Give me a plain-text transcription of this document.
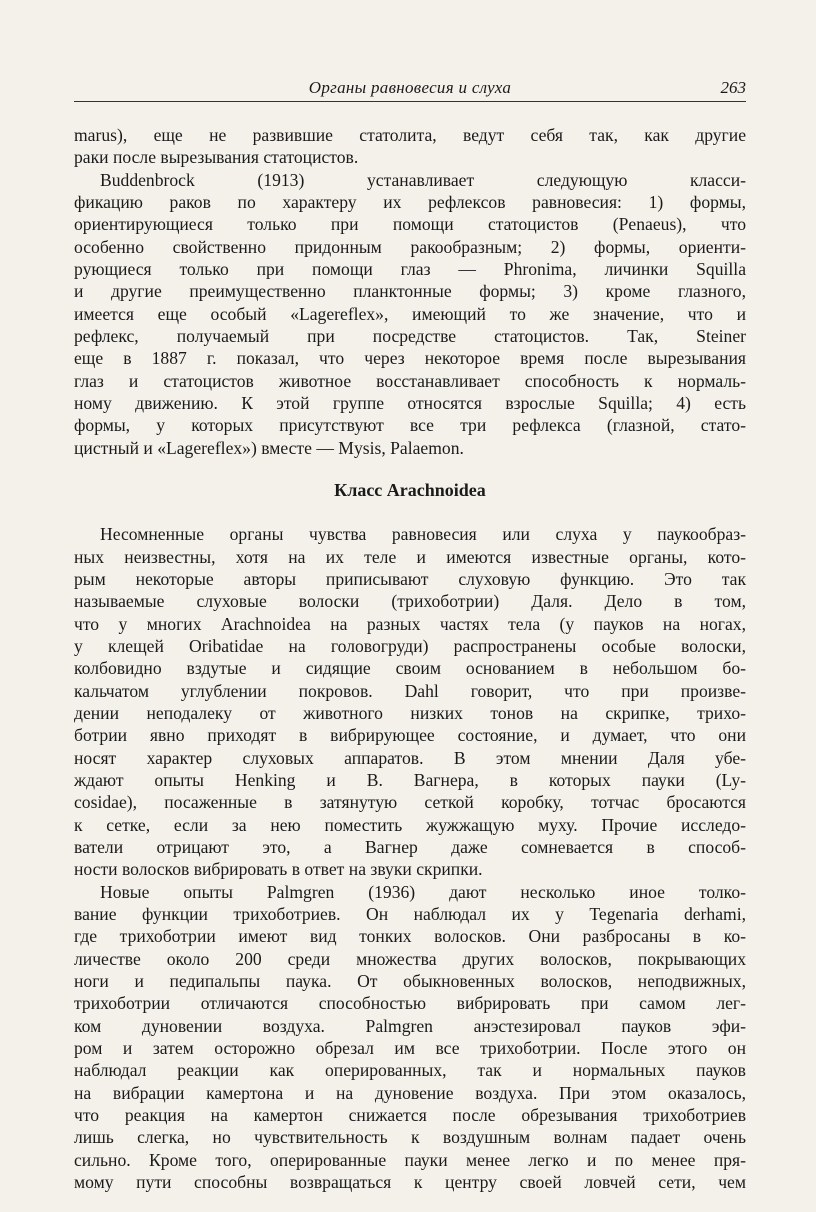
Органы равновесия и слуха	263
marus), еще не развившие статолита, ведут себя так, как другие
раки после вырезывания статоцистов.
Buddenbrock (1913) устанавливает следующую класси-
фикацию раков по характеру их рефлексов равновесия: 1) формы,
ориентирующиеся только при помощи статоцистов (Penaeus), что
особенно свойственно придонным ракообразным; 2) формы, ориенти-
рующиеся только при помощи глаз — Phronima, личинки Squilla
и другие преимущественно планктонные формы; 3) кроме глазного,
имеется еще особый «Lagereflex», имеющий то же значение, что и
рефлекс, получаемый при посредстве статоцистов. Так, Steiner
еще в 1887 г. показал, что через некоторое время после вырезывания
глаз и статоцистов животное восстанавливает способность к нормаль-
ному движению. К этой группе относятся взрослые Squilla; 4) есть
формы, у которых присутствуют все три рефлекса (глазной, стато-
цистный и «Lagereflex») вместе — Mysis, Palaemon.
Класс Arachnoidea
Несомненные органы чувства равновесия или слуха у паукообраз-
ных неизвестны, хотя на их теле и имеются известные органы, кото-
рым некоторые авторы приписывают слуховую функцию. Это так
называемые слуховые волоски (трихоботрии) Даля. Дело в том,
что у многих Arachnoidea на разных частях тела (у пауков на ногах,
у клещей Oribatidae на головогруди) распространены особые волоски,
колбовидно вздутые и сидящие своим основанием в небольшом бо-
кальчатом углублении покровов. Dahl говорит, что при произве-
дении неподалеку от животного низких тонов на скрипке, трихо-
ботрии явно приходят в вибрирующее состояние, и думает, что они
носят характер слуховых аппаратов. В этом мнении Даля убе-
ждают опыты Henking и В. Вагнера, в которых пауки (Ly-
cosidae), посаженные в затянутую сеткой коробку, тотчас бросаются
к сетке, если за нею поместить жужжащую муху. Прочие исследо-
ватели отрицают это, а Вагнер даже сомневается в способ-
ности волосков вибрировать в ответ на звуки скрипки.
Новые опыты Palmgren (1936) дают несколько иное толко-
вание функции трихоботриев. Он наблюдал их у Tegenaria derhami,
где трихоботрии имеют вид тонких волосков. Они разбросаны в ко-
личестве около 200 среди множества других волосков, покрывающих
ноги и педипальпы паука. От обыкновенных волосков, неподвижных,
трихоботрии отличаются способностью вибрировать при самом лег-
ком дуновении воздуха. Palmgren анэстезировал пауков эфи-
ром и затем осторожно обрезал им все трихоботрии. После этого он
наблюдал реакции как оперированных, так и нормальных пауков
на вибрации камертона и на дуновение воздуха. При этом оказалось,
что реакция на камертон снижается после обрезывания трихоботриев
лишь слегка, но чувствительность к воздушным волнам падает очень
сильно. Кроме того, оперированные пауки менее легко и по менее пря-
мому пути способны возвращаться к центру своей ловчей сети, чем
